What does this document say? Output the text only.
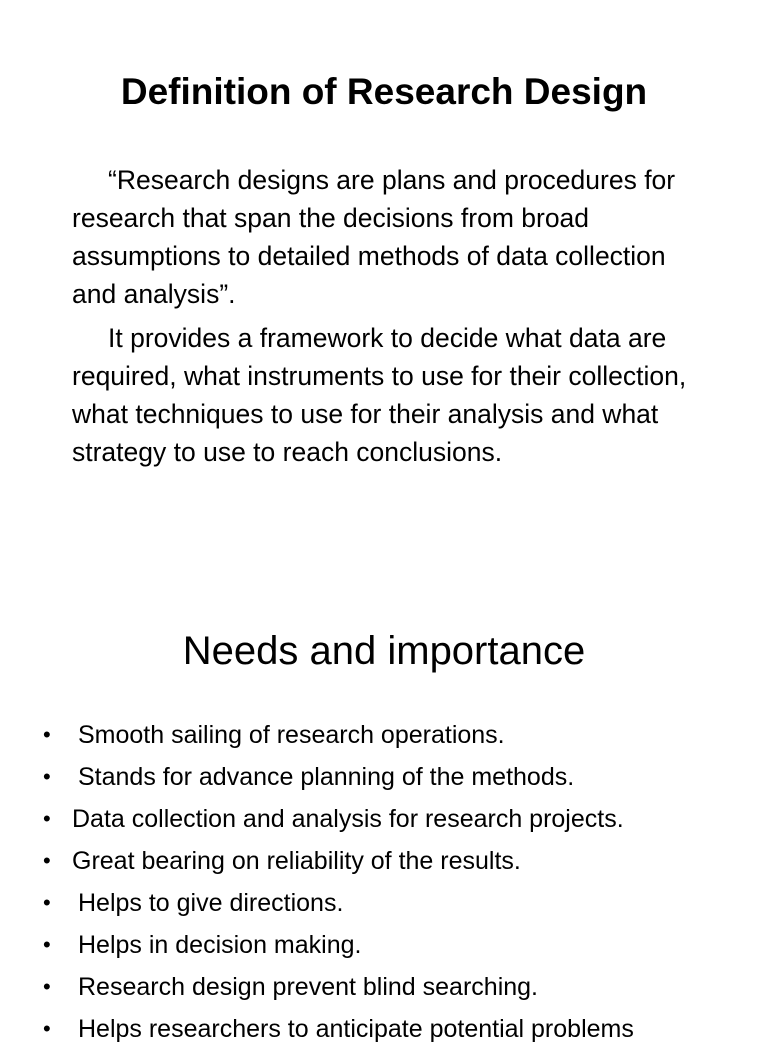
Definition of Research Design

“Research designs are plans and procedures for research that span the decisions from broad assumptions to detailed methods of data collection and analysis”.

It provides a framework to decide what data are required, what instruments to use for their collection, what techniques to use for their analysis and what strategy to use to reach conclusions.

Needs and importance
• Smooth sailing of research operations.
• Stands for advance planning of the methods.
• Data collection and analysis for research projects.
• Great bearing on reliability of the results.
• Helps to give directions.
• Helps in decision making.
• Research design prevent blind searching.
• Helps researchers to anticipate potential problems
